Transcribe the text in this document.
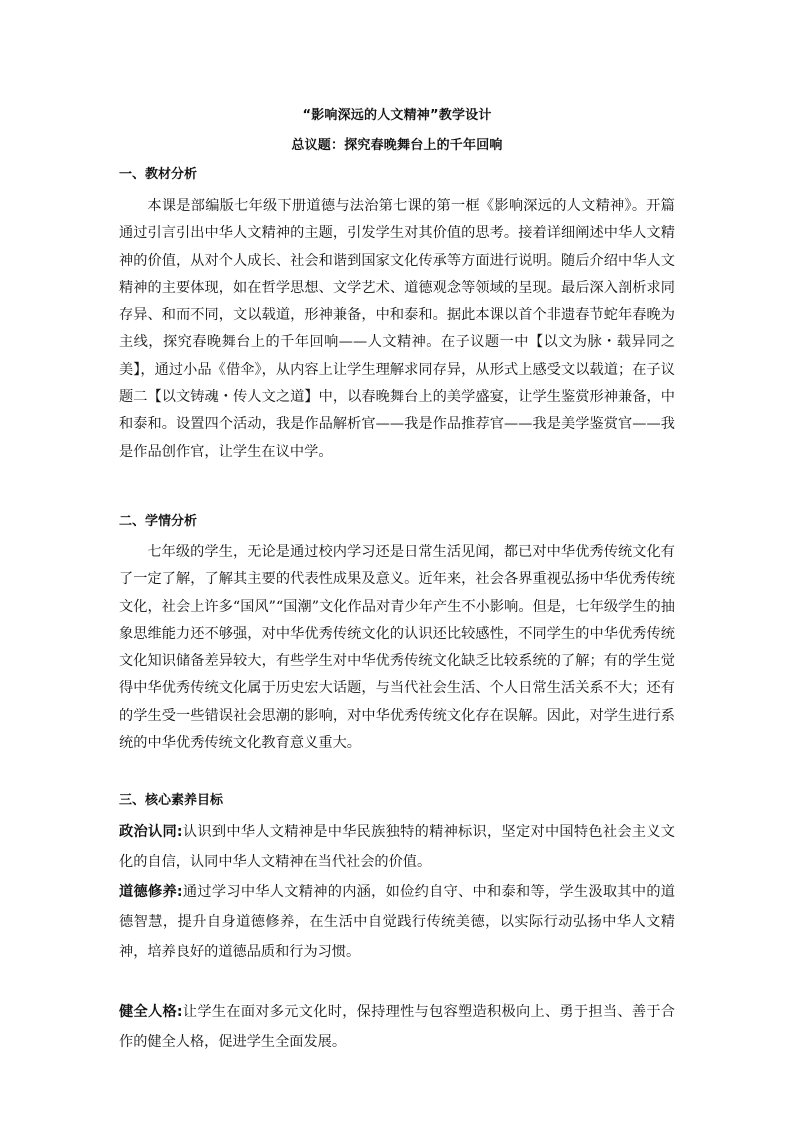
“影响深远的人文精神”教学设计
总议题：探究春晚舞台上的千年回响
一、教材分析

本课是部编版七年级下册道德与法治第七课的第一框《影响深远的人文精神》。开篇通过引言引出中华人文精神的主题，引发学生对其价值的思考。接着详细阐述中华人文精神的价值，从对个人成长、社会和谐到国家文化传承等方面进行说明。随后介绍中华人文精神的主要体现，如在哲学思想、文学艺术、道德观念等领域的呈现。最后深入剖析求同存异、和而不同，文以载道，形神兼备，中和泰和。据此本课以首个非遗春节蛇年春晚为主线，探究春晚舞台上的千年回响——人文精神。在子议题一中【以文为脉・载异同之美】，通过小品《借伞》，从内容上让学生理解求同存异，从形式上感受文以载道；在子议题二【以文铸魂・传人文之道】中，以春晚舞台上的美学盛宴，让学生鉴赏形神兼备，中和泰和。设置四个活动，我是作品解析官——我是作品推荐官——我是美学鉴赏官——我是作品创作官，让学生在议中学。

二、学情分析

七年级的学生，无论是通过校内学习还是日常生活见闻，都已对中华优秀传统文化有了一定了解，了解其主要的代表性成果及意义。近年来，社会各界重视弘扬中华优秀传统文化，社会上许多“国风”“国潮”文化作品对青少年产生不小影响。但是，七年级学生的抽象思维能力还不够强，对中华优秀传统文化的认识还比较感性，不同学生的中华优秀传统文化知识储备差异较大，有些学生对中华优秀传统文化缺乏比较系统的了解；有的学生觉得中华优秀传统文化属于历史宏大话题，与当代社会生活、个人日常生活关系不大；还有的学生受一些错误社会思潮的影响，对中华优秀传统文化存在误解。因此，对学生进行系统的中华优秀传统文化教育意义重大。

三、核心素养目标

政治认同:认识到中华人文精神是中华民族独特的精神标识，坚定对中国特色社会主义文化的自信，认同中华人文精神在当代社会的价值。

道德修养:通过学习中华人文精神的内涵，如俭约自守、中和泰和等，学生汲取其中的道德智慧，提升自身道德修养，在生活中自觉践行传统美德，以实际行动弘扬中华人文精神，培养良好的道德品质和行为习惯。

健全人格:让学生在面对多元文化时，保持理性与包容塑造积极向上、勇于担当、善于合作的健全人格，促进学生全面发展。
